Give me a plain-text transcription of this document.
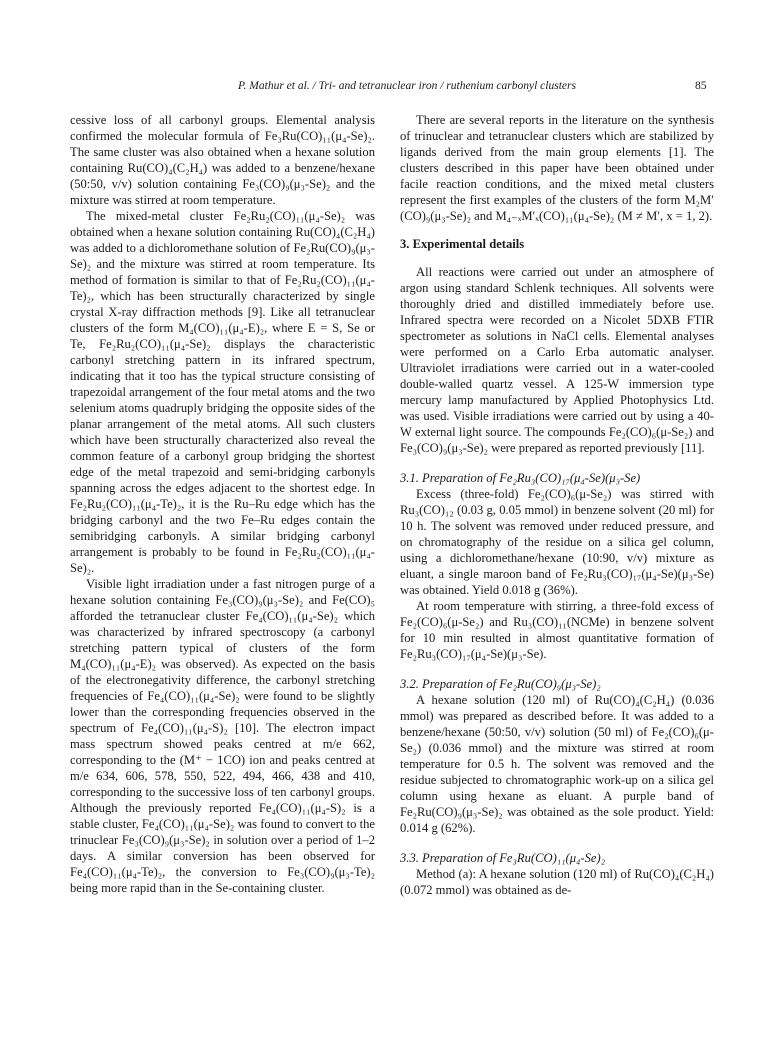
P. Mathur et al. / Tri- and tetranuclear iron / ruthenium carbonyl clusters	85

cessive loss of all carbonyl groups. Elemental analysis confirmed the molecular formula of Fe₃Ru(CO)₁₁(μ₄-Se)₂. The same cluster was also obtained when a hexane solution containing Ru(CO)₄(C₂H₄) was added to a benzene/hexane (50:50, v/v) solution containing Fe₃(CO)₉(μ₃-Se)₂ and the mixture was stirred at room temperature.

The mixed-metal cluster Fe₂Ru₂(CO)₁₁(μ₄-Se)₂ was obtained when a hexane solution containing Ru(CO)₄(C₂H₄) was added to a dichloromethane solution of Fe₂Ru(CO)₉(μ₃-Se)₂ and the mixture was stirred at room temperature. Its method of formation is similar to that of Fe₂Ru₂(CO)₁₁(μ₄-Te)₂, which has been structurally characterized by single crystal X-ray diffraction methods [9]. Like all tetranuclear clusters of the form M₄(CO)₁₁(μ₄-E)₂, where E = S, Se or Te, Fe₂Ru₂(CO)₁₁(μ₄-Se)₂ displays the characteristic carbonyl stretching pattern in its infrared spectrum, indicating that it too has the typical structure consisting of trapezoidal arrangement of the four metal atoms and the two selenium atoms quadruply bridging the opposite sides of the planar arrangement of the metal atoms. All such clusters which have been structurally characterized also reveal the common feature of a carbonyl group bridging the shortest edge of the metal trapezoid and semi-bridging carbonyls spanning across the edges adjacent to the shortest edge. In Fe₂Ru₂(CO)₁₁(μ₄-Te)₂, it is the Ru–Ru edge which has the bridging carbonyl and the two Fe–Ru edges contain the semibridging carbonyls. A similar bridging carbonyl arrangement is probably to be found in Fe₂Ru₂(CO)₁₁(μ₄-Se)₂.

Visible light irradiation under a fast nitrogen purge of a hexane solution containing Fe₃(CO)₉(μ₃-Se)₂ and Fe(CO)₅ afforded the tetranuclear cluster Fe₄(CO)₁₁(μ₄-Se)₂ which was characterized by infrared spectroscopy (a carbonyl stretching pattern typical of clusters of the form M₄(CO)₁₁(μ₄-E)₂ was observed). As expected on the basis of the electronegativity difference, the carbonyl stretching frequencies of Fe₄(CO)₁₁(μ₄-Se)₂ were found to be slightly lower than the corresponding frequencies observed in the spectrum of Fe₄(CO)₁₁(μ₄-S)₂ [10]. The electron impact mass spectrum showed peaks centred at m/e 662, corresponding to the (M⁺ − 1CO) ion and peaks centred at m/e 634, 606, 578, 550, 522, 494, 466, 438 and 410, corresponding to the successive loss of ten carbonyl groups. Although the previously reported Fe₄(CO)₁₁(μ₄-S)₂ is a stable cluster, Fe₄(CO)₁₁(μ₄-Se)₂ was found to convert to the trinuclear Fe₃(CO)₉(μ₃-Se)₂ in solution over a period of 1–2 days. A similar conversion has been observed for Fe₄(CO)₁₁(μ₄-Te)₂, the conversion to Fe₃(CO)₉(μ₃-Te)₂ being more rapid than in the Se-containing cluster.

There are several reports in the literature on the synthesis of trinuclear and tetranuclear clusters which are stabilized by ligands derived from the main group elements [1]. The clusters described in this paper have been obtained under facile reaction conditions, and the mixed metal clusters represent the first examples of the clusters of the form M₂M′(CO)₉(μ₃-Se)₂ and M₄₋ₓM′ₓ(CO)₁₁(μ₄-Se)₂ (M ≠ M′, x = 1, 2).

3. Experimental details

All reactions were carried out under an atmosphere of argon using standard Schlenk techniques. All solvents were thoroughly dried and distilled immediately before use. Infrared spectra were recorded on a Nicolet 5DXB FTIR spectrometer as solutions in NaCl cells. Elemental analyses were performed on a Carlo Erba automatic analyser. Ultraviolet irradiations were carried out in a water-cooled double-walled quartz vessel. A 125-W immersion type mercury lamp manufactured by Applied Photophysics Ltd. was used. Visible irradiations were carried out by using a 40-W external light source. The compounds Fe₂(CO)₆(μ-Se₂) and Fe₃(CO)₉(μ₃-Se)₂ were prepared as reported previously [11].

3.1. Preparation of Fe₂Ru₃(CO)₁₇(μ₄-Se)(μ₃-Se)

Excess (three-fold) Fe₂(CO)₆(μ-Se₂) was stirred with Ru₃(CO)₁₂ (0.03 g, 0.05 mmol) in benzene solvent (20 ml) for 10 h. The solvent was removed under reduced pressure, and on chromatography of the residue on a silica gel column, using a dichloromethane/hexane (10:90, v/v) mixture as eluant, a single maroon band of Fe₂Ru₃(CO)₁₇(μ₄-Se)(μ₃-Se) was obtained. Yield 0.018 g (36%).

At room temperature with stirring, a three-fold excess of Fe₂(CO)₆(μ-Se₂) and Ru₃(CO)₁₁(NCMe) in benzene solvent for 10 min resulted in almost quantitative formation of Fe₂Ru₃(CO)₁₇(μ₄-Se)(μ₃-Se).

3.2. Preparation of Fe₂Ru(CO)₉(μ₃-Se)₂

A hexane solution (120 ml) of Ru(CO)₄(C₂H₄) (0.036 mmol) was prepared as described before. It was added to a benzene/hexane (50:50, v/v) solution (50 ml) of Fe₂(CO)₆(μ-Se₂) (0.036 mmol) and the mixture was stirred at room temperature for 0.5 h. The solvent was removed and the residue subjected to chromatographic work-up on a silica gel column using hexane as eluant. A purple band of Fe₂Ru(CO)₉(μ₃-Se)₂ was obtained as the sole product. Yield: 0.014 g (62%).

3.3. Preparation of Fe₃Ru(CO)₁₁(μ₄-Se)₂

Method (a): A hexane solution (120 ml) of Ru(CO)₄(C₂H₄) (0.072 mmol) was obtained as de-
